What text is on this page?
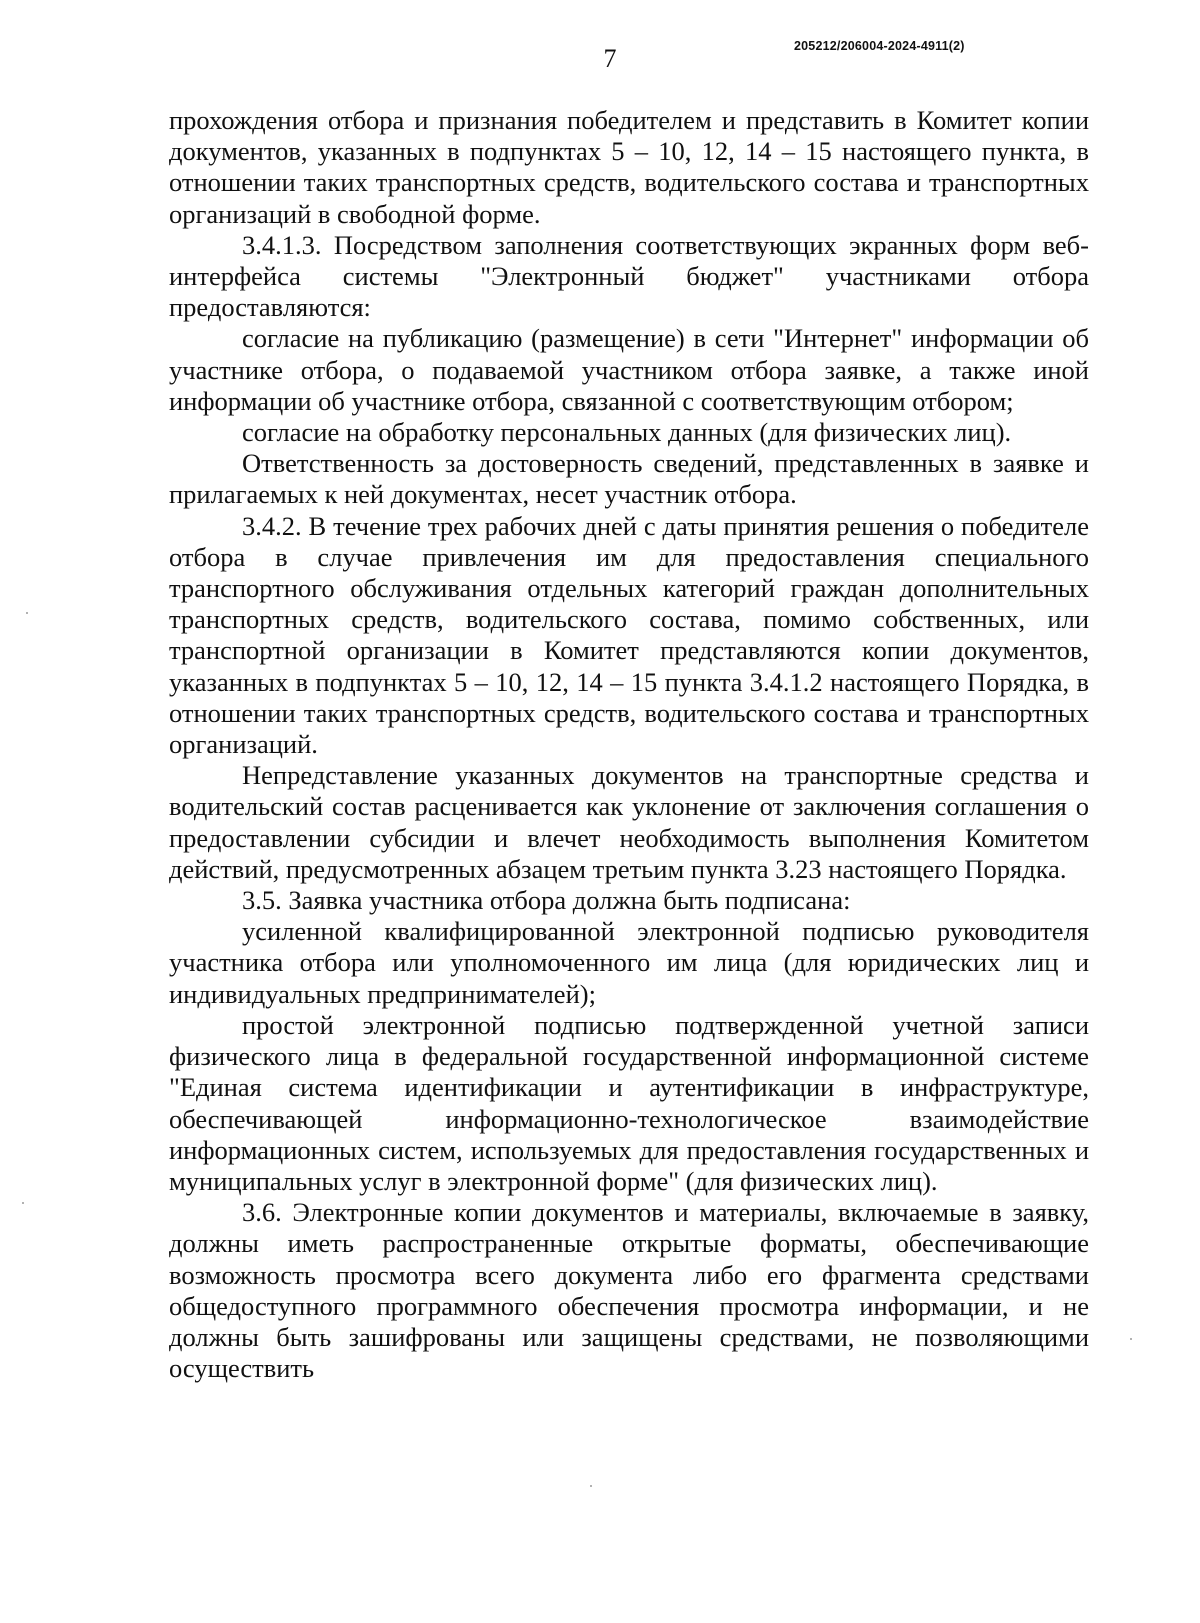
7	205212/206004-2024-4911(2)

прохождения отбора и признания победителем и представить в Комитет копии документов, указанных в подпунктах 5 – 10, 12, 14 – 15 настоящего пункта, в отношении таких транспортных средств, водительского состава и транспортных организаций в свободной форме.

3.4.1.3. Посредством заполнения соответствующих экранных форм веб-интерфейса системы "Электронный бюджет" участниками отбора предоставляются:

согласие на публикацию (размещение) в сети "Интернет" информации об участнике отбора, о подаваемой участником отбора заявке, а также иной информации об участнике отбора, связанной с соответствующим отбором;

согласие на обработку персональных данных (для физических лиц).

Ответственность за достоверность сведений, представленных в заявке и прилагаемых к ней документах, несет участник отбора.

3.4.2. В течение трех рабочих дней с даты принятия решения о победителе отбора в случае привлечения им для предоставления специального транспортного обслуживания отдельных категорий граждан дополнительных транспортных средств, водительского состава, помимо собственных, или транспортной организации в Комитет представляются копии документов, указанных в подпунктах 5 – 10, 12, 14 – 15 пункта 3.4.1.2 настоящего Порядка, в отношении таких транспортных средств, водительского состава и транспортных организаций.

Непредставление указанных документов на транспортные средства и водительский состав расценивается как уклонение от заключения соглашения о предоставлении субсидии и влечет необходимость выполнения Комитетом действий, предусмотренных абзацем третьим пункта 3.23 настоящего Порядка.

3.5. Заявка участника отбора должна быть подписана:

усиленной квалифицированной электронной подписью руководителя участника отбора или уполномоченного им лица (для юридических лиц и индивидуальных предпринимателей);

простой электронной подписью подтвержденной учетной записи физического лица в федеральной государственной информационной системе "Единая система идентификации и аутентификации в инфраструктуре, обеспечивающей информационно-технологическое взаимодействие информационных систем, используемых для предоставления государственных и муниципальных услуг в электронной форме" (для физических лиц).

3.6. Электронные копии документов и материалы, включаемые в заявку, должны иметь распространенные открытые форматы, обеспечивающие возможность просмотра всего документа либо его фрагмента средствами общедоступного программного обеспечения просмотра информации, и не должны быть зашифрованы или защищены средствами, не позволяющими осуществить
